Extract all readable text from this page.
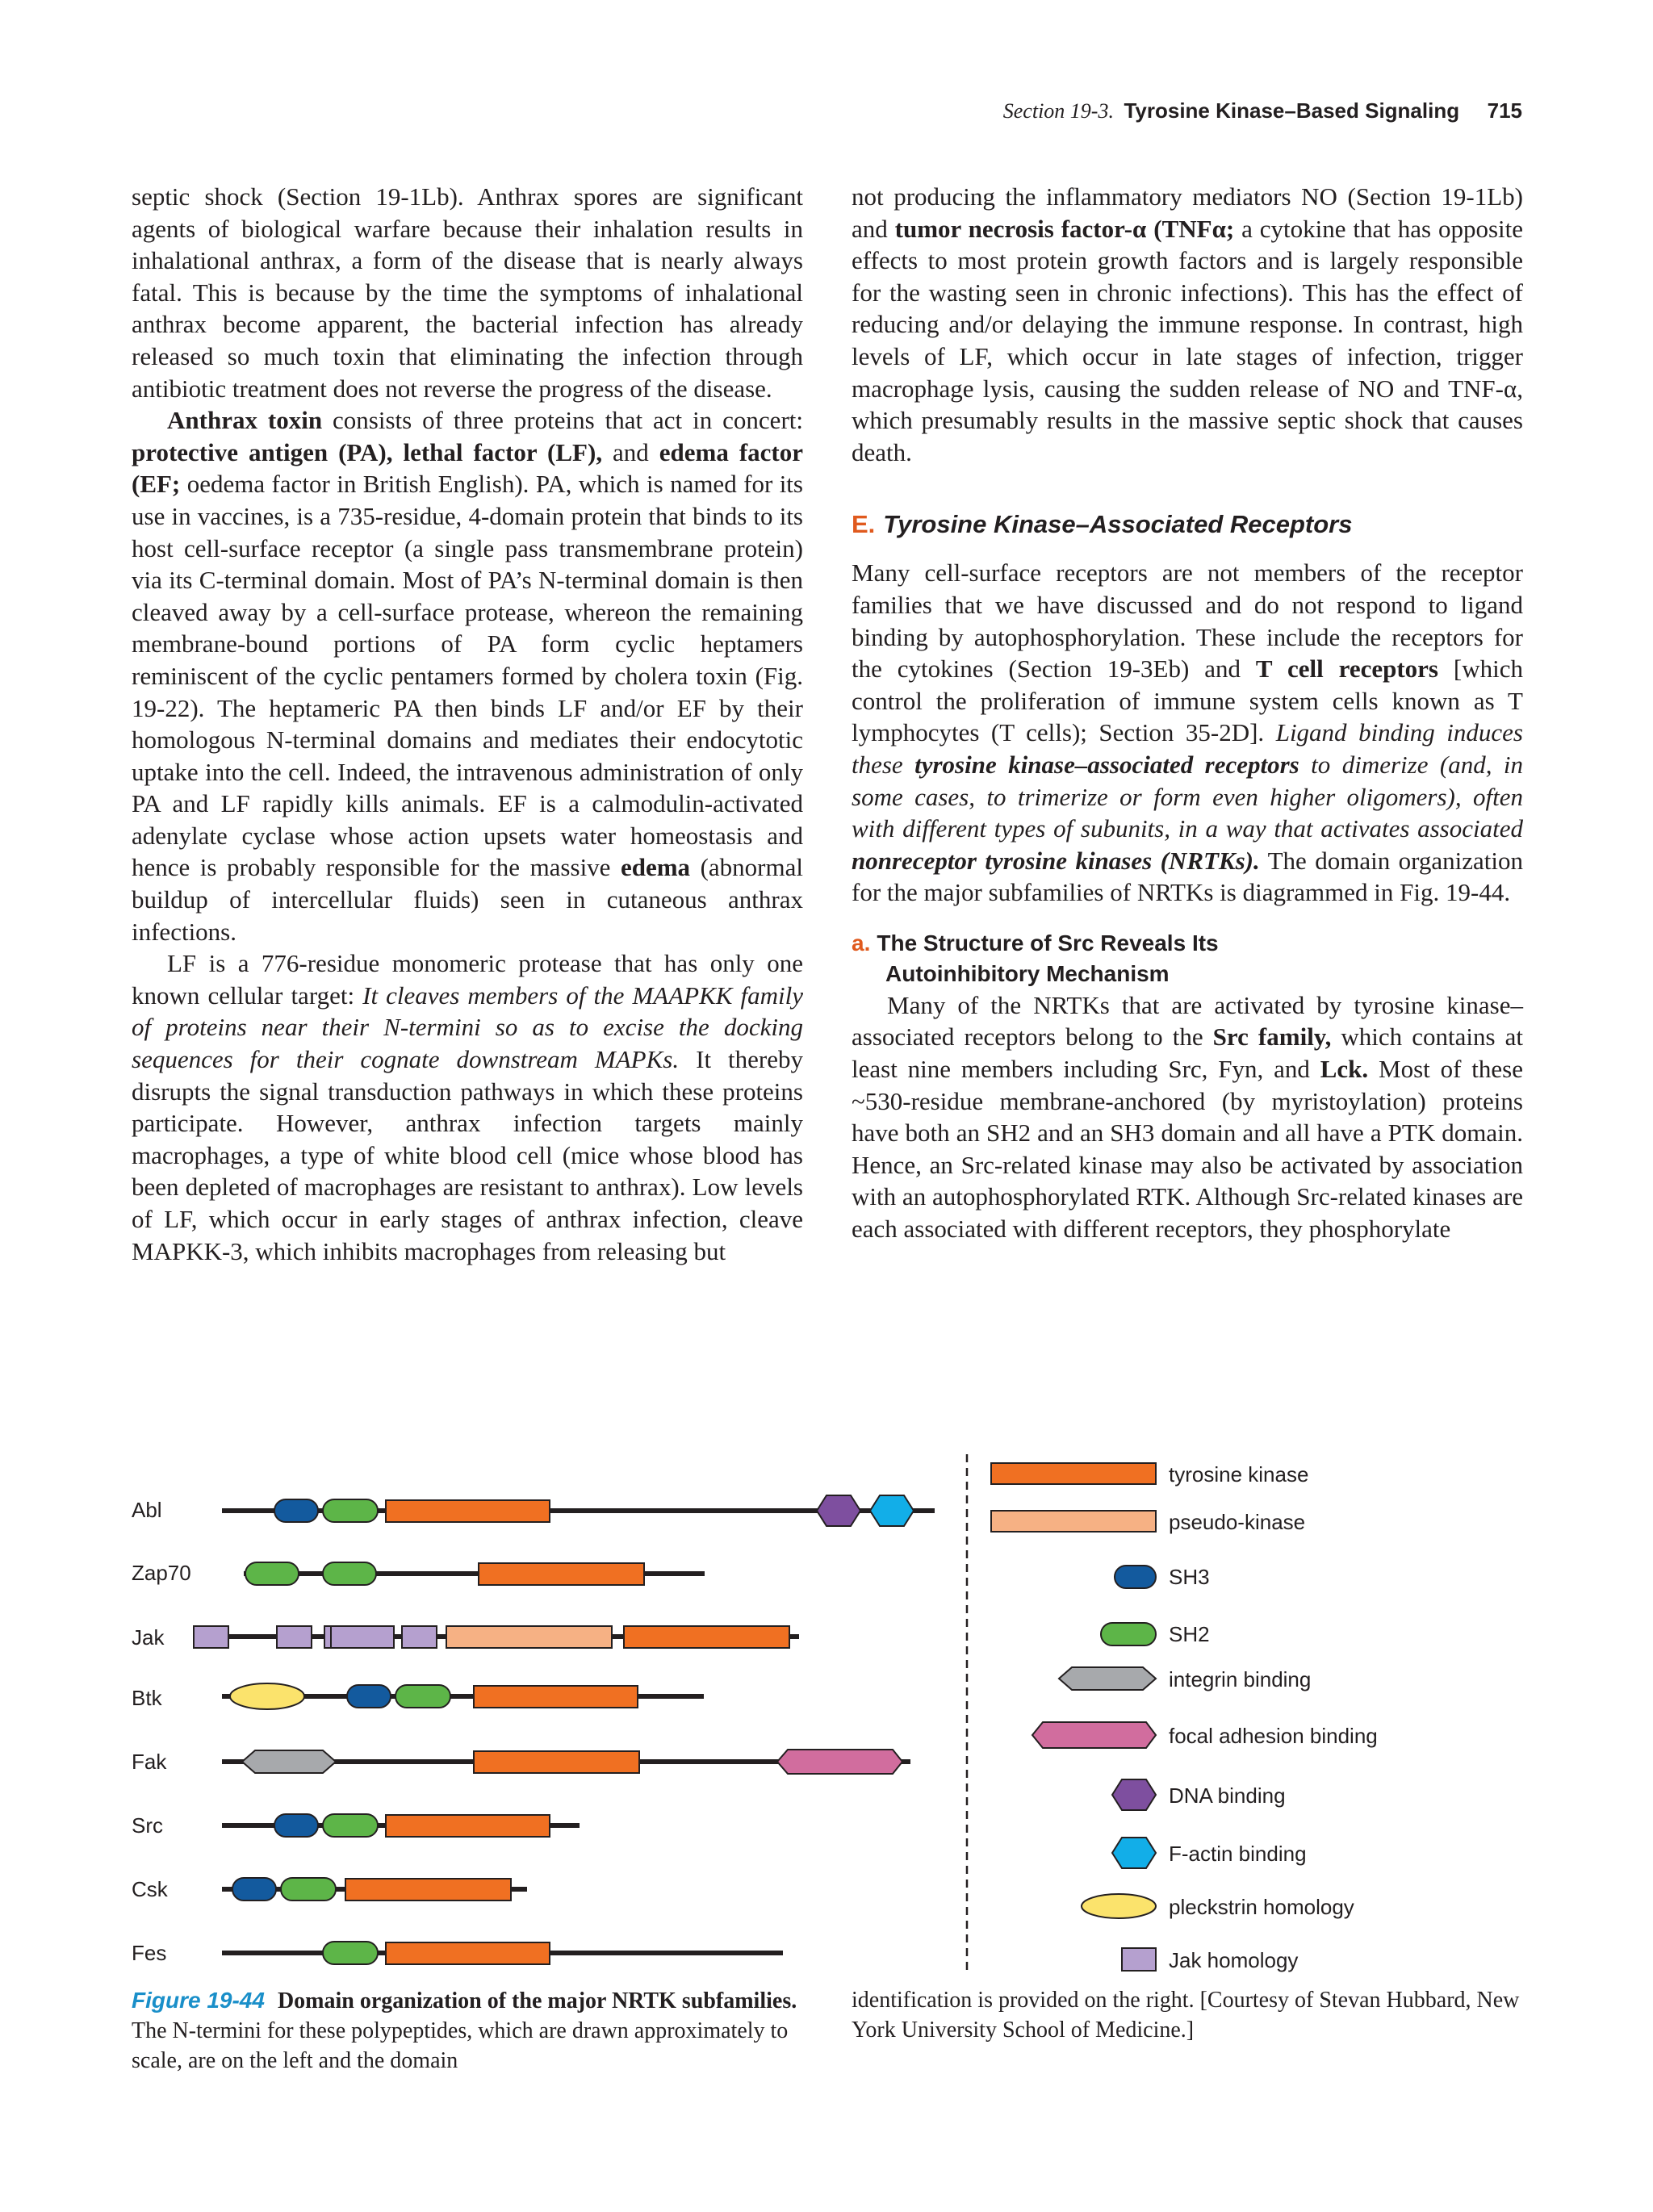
Section 19-3. Tyrosine Kinase–Based Signaling 715

septic shock (Section 19-1Lb). Anthrax spores are significant agents of biological warfare because their inhalation results in inhalational anthrax, a form of the disease that is nearly always fatal. This is because by the time the symptoms of inhalational anthrax become apparent, the bacterial infection has already released so much toxin that eliminating the infection through antibiotic treatment does not reverse the progress of the disease.

Anthrax toxin consists of three proteins that act in concert: protective antigen (PA), lethal factor (LF), and edema factor (EF; oedema factor in British English). PA, which is named for its use in vaccines, is a 735-residue, 4-domain protein that binds to its host cell-surface receptor (a single pass transmembrane protein) via its C-terminal domain. Most of PA’s N-terminal domain is then cleaved away by a cell-surface protease, whereon the remaining membrane-bound portions of PA form cyclic heptamers reminiscent of the cyclic pentamers formed by cholera toxin (Fig. 19-22). The heptameric PA then binds LF and/or EF by their homologous N-terminal domains and mediates their endocytotic uptake into the cell. Indeed, the intravenous administration of only PA and LF rapidly kills animals. EF is a calmodulin-activated adenylate cyclase whose action upsets water homeostasis and hence is probably responsible for the massive edema (abnormal buildup of intercellular fluids) seen in cutaneous anthrax infections.

LF is a 776-residue monomeric protease that has only one known cellular target: It cleaves members of the MAAPKK family of proteins near their N-termini so as to excise the docking sequences for their cognate downstream MAPKs. It thereby disrupts the signal transduction pathways in which these proteins participate. However, anthrax infection targets mainly macrophages, a type of white blood cell (mice whose blood has been depleted of macrophages are resistant to anthrax). Low levels of LF, which occur in early stages of anthrax infection, cleave MAPKK-3, which inhibits macrophages from releasing but

not producing the inflammatory mediators NO (Section 19-1Lb) and tumor necrosis factor-α (TNFα; a cytokine that has opposite effects to most protein growth factors and is largely responsible for the wasting seen in chronic infections). This has the effect of reducing and/or delaying the immune response. In contrast, high levels of LF, which occur in late stages of infection, trigger macrophage lysis, causing the sudden release of NO and TNF-α, which presumably results in the massive septic shock that causes death.

E. Tyrosine Kinase–Associated Receptors

Many cell-surface receptors are not members of the receptor families that we have discussed and do not respond to ligand binding by autophosphorylation. These include the receptors for the cytokines (Section 19-3Eb) and T cell receptors [which control the proliferation of immune system cells known as T lymphocytes (T cells); Section 35-2D]. Ligand binding induces these tyrosine kinase–associated receptors to dimerize (and, in some cases, to trimerize or form even higher oligomers), often with different types of subunits, in a way that activates associated nonreceptor tyrosine kinases (NRTKs). The domain organization for the major subfamilies of NRTKs is diagrammed in Fig. 19-44.

a. The Structure of Src Reveals Its
Autoinhibitory Mechanism

Many of the NRTKs that are activated by tyrosine kinase–associated receptors belong to the Src family, which contains at least nine members including Src, Fyn, and Lck. Most of these ~530-residue membrane-anchored (by myristoylation) proteins have both an SH2 and an SH3 domain and all have a PTK domain. Hence, an Src-related kinase may also be activated by association with an autophosphorylated RTK. Although Src-related kinases are each associated with different receptors, they phosphorylate

Abl
Zap70
Jak
Btk
Fak
Src
Csk
Fes
tyrosine kinase
pseudo-kinase
SH3
SH2
integrin binding
focal adhesion binding
DNA binding
F-actin binding
pleckstrin homology
Jak homology
Figure 19-44 Domain organization of the major NRTK subfamilies. The N-termini for these polypeptides, which are drawn approximately to scale, are on the left and the domain
identification is provided on the right. [Courtesy of Stevan Hubbard, New York University School of Medicine.]
